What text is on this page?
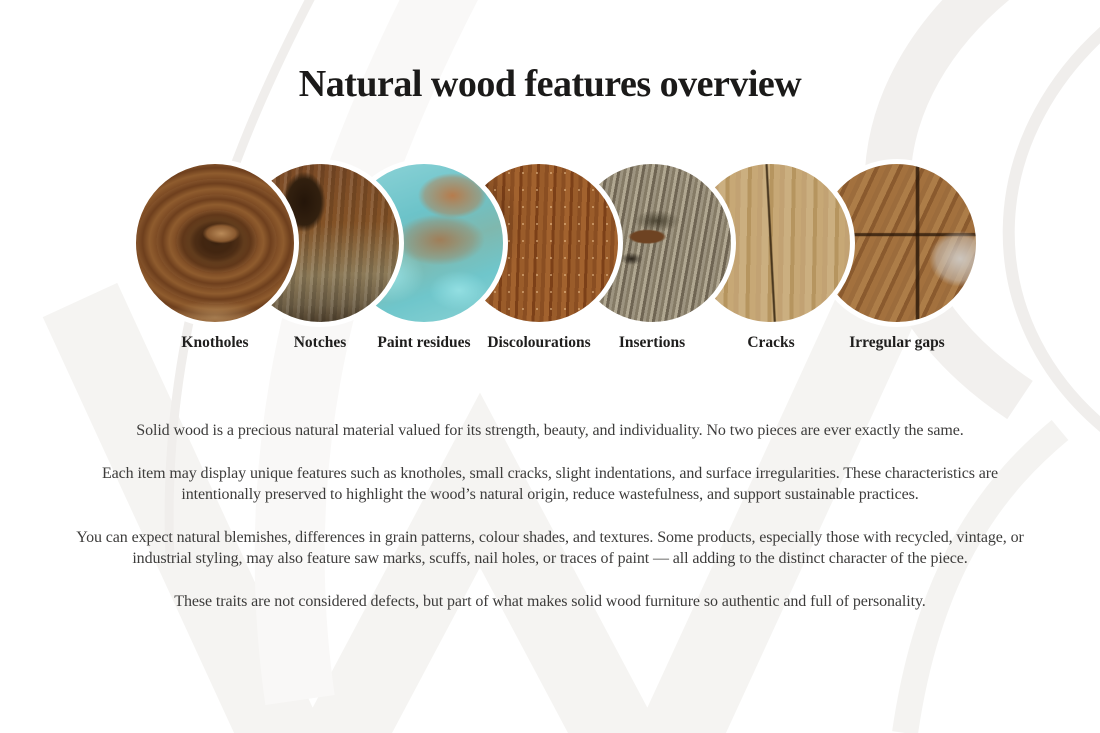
Natural wood features overview
Knotholes	Notches Paint residues Discolourations Insertions	Cracks	Irregular gaps

Solid wood is a precious natural material valued for its strength, beauty, and individuality. No two pieces are ever exactly the same.

Each item may display unique features such as knotholes, small cracks, slight indentations, and surface irregularities. These characteristics are intentionally preserved to highlight the wood’s natural origin, reduce wastefulness, and support sustainable practices.

You can expect natural blemishes, differences in grain patterns, colour shades, and textures. Some products, especially those with recycled, vintage, or industrial styling, may also feature saw marks, scuffs, nail holes, or traces of paint — all adding to the distinct character of the piece.

These traits are not considered defects, but part of what makes solid wood furniture so authentic and full of personality.
